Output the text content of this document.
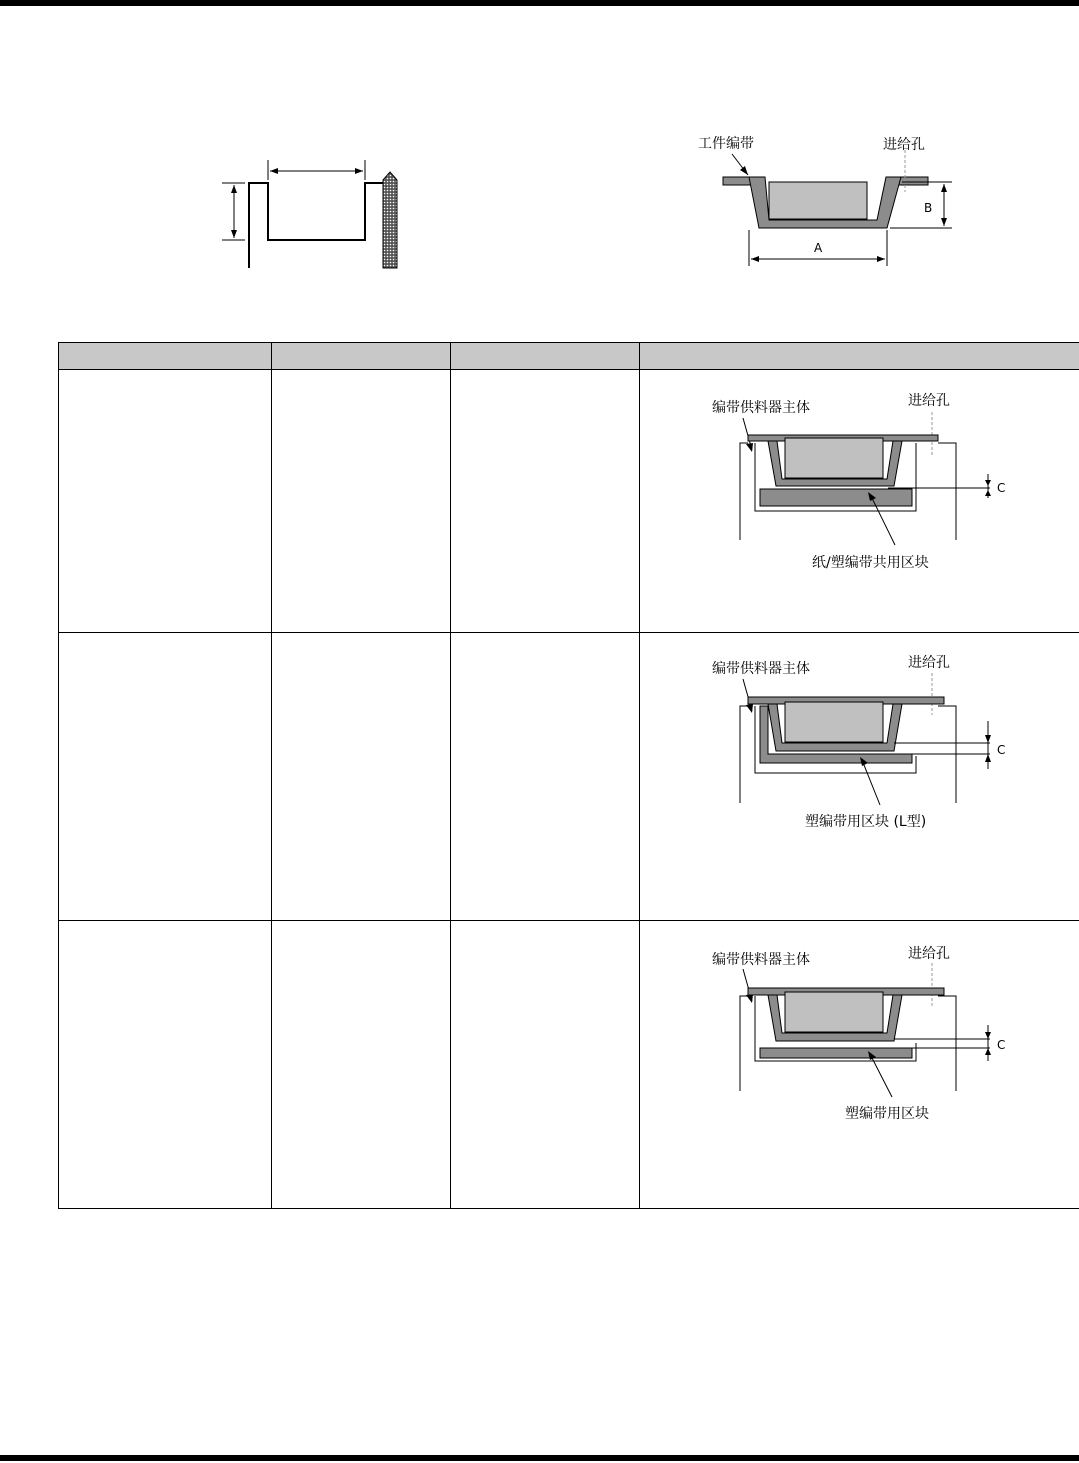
工件编带	进给孔
B
A

编带供料器主体 进给孔
C
纸/塑编带共用区块

编带供料器主体 进给孔
C
塑编带用区块 (L型)

编带供料器主体 进给孔
C
塑编带用区块
